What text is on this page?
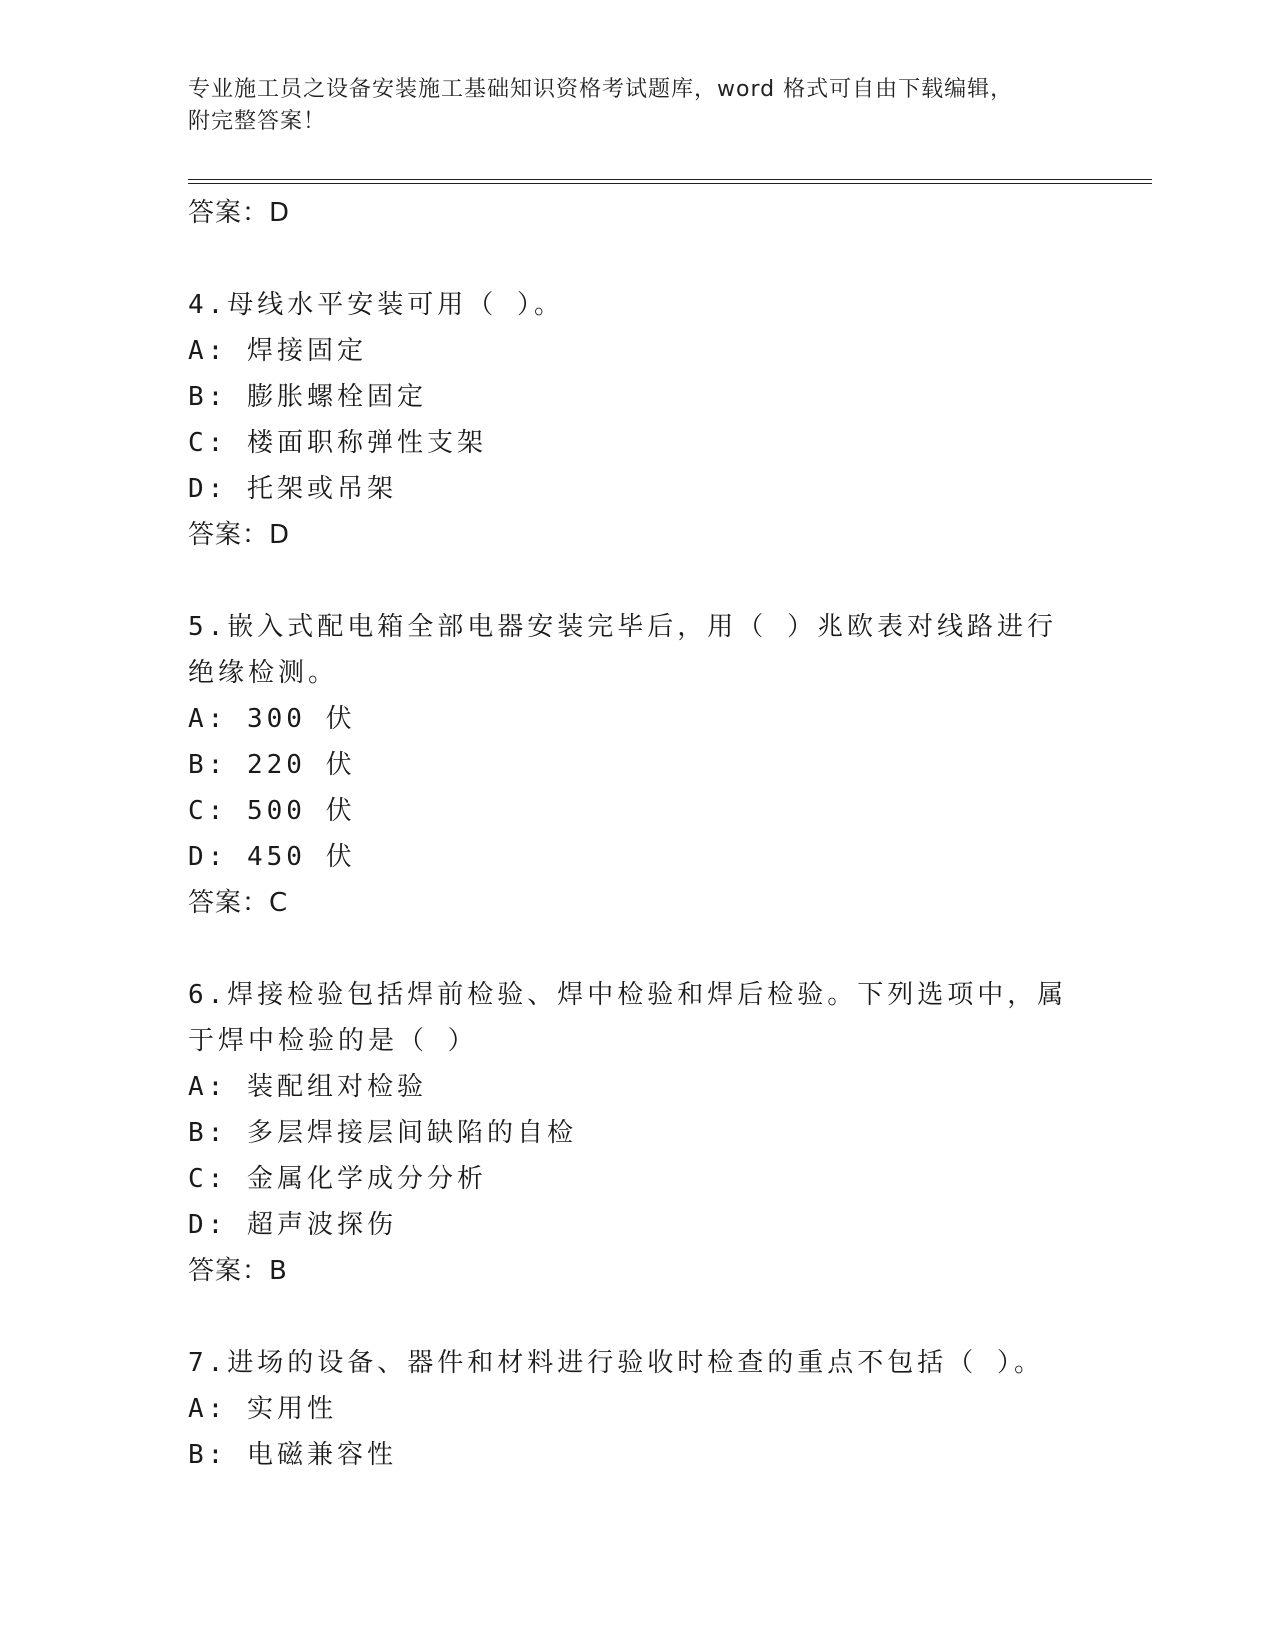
专业施工员之设备安装施工基础知识资格考试题库，word 格式可自由下载编辑，
附完整答案！
答案：D
4.母线水平安装可用（ ）。
A: 焊接固定
B: 膨胀螺栓固定
C: 楼面职称弹性支架
D: 托架或吊架
答案：D
5.嵌入式配电箱全部电器安装完毕后，用（ ）兆欧表对线路进行绝缘检测。
A: 300 伏
B: 220 伏
C: 500 伏
D: 450 伏
答案：C
6.焊接检验包括焊前检验、焊中检验和焊后检验。下列选项中，属于焊中检验的是（ ）
A: 装配组对检验
B: 多层焊接层间缺陷的自检
C: 金属化学成分分析
D: 超声波探伤
答案：B
7.进场的设备、器件和材料进行验收时检查的重点不包括（ ）。
A: 实用性
B: 电磁兼容性
